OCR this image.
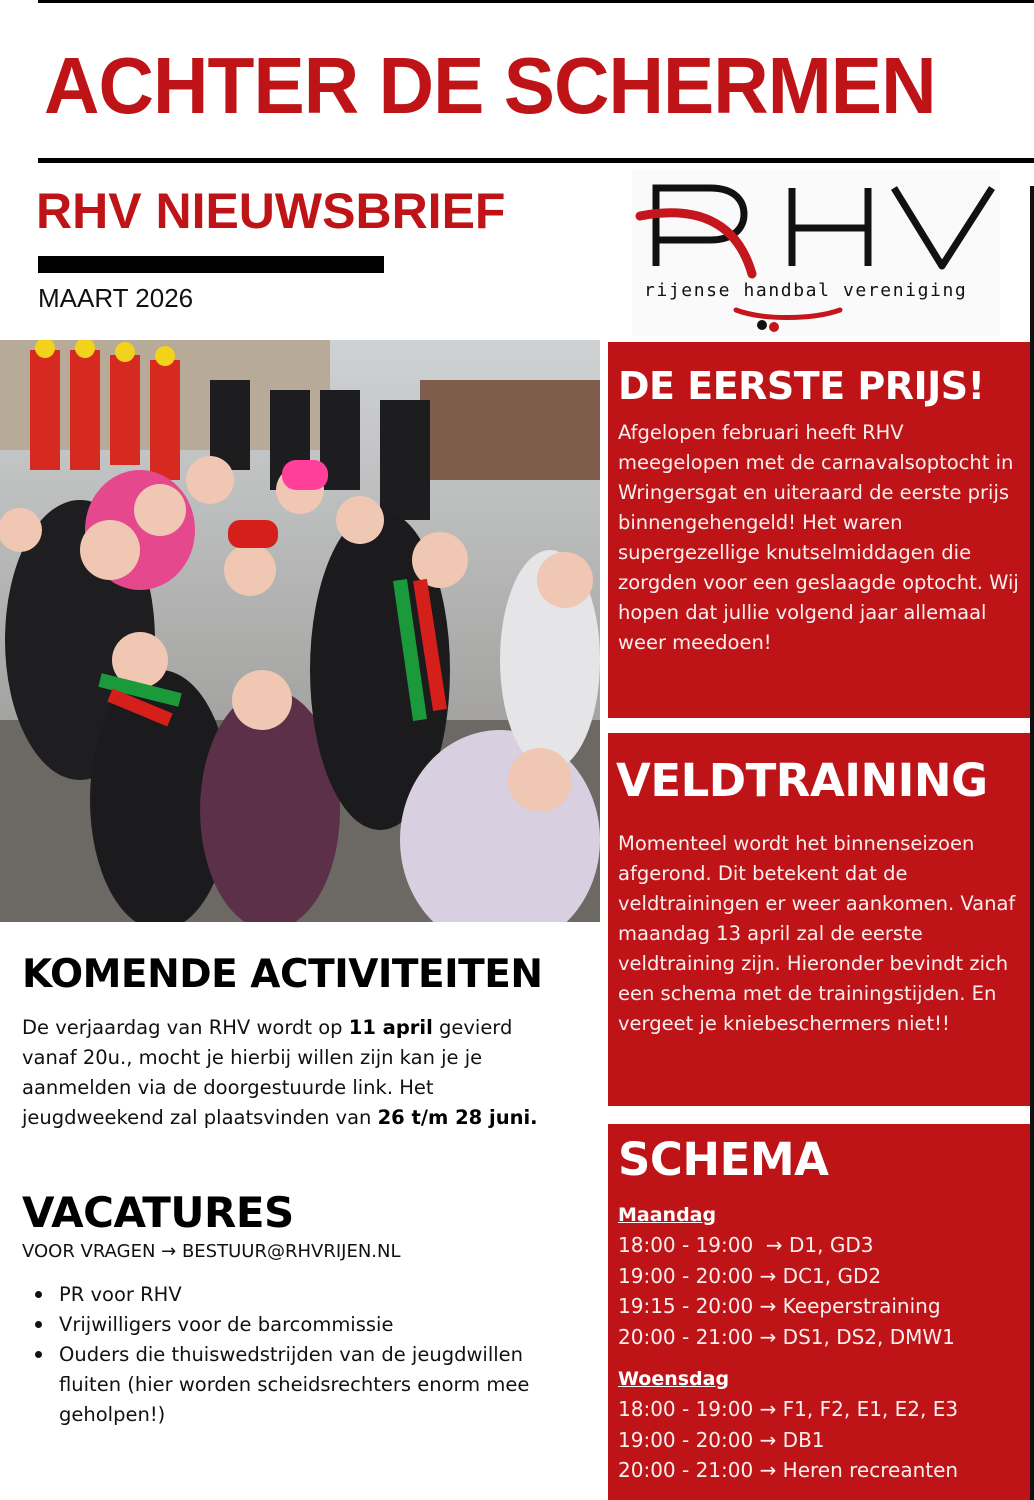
ACHTER DE SCHERMEN
RHV NIEUWSBRIEF
MAART 2026	rijense handbal vereniging
DE EERSTE PRIJS!

Afgelopen februari heeft RHV meegelopen met de carnavalsoptocht in Wringersgat en uiteraard de eerste prijs binnengehengeld! Het waren supergezellige knutselmiddagen die zorgden voor een geslaagde optocht. Wij hopen dat jullie volgend jaar allemaal weer meedoen!

VELDTRAINING

Momenteel wordt het binnenseizoen afgerond. Dit betekent dat de veldtrainingen er weer aankomen. Vanaf maandag 13 april zal de eerste veldtraining zijn. Hieronder bevindt zich een schema met de trainingstijden. En vergeet je kniebeschermers niet!!

SCHEMA
Maandag
18:00 - 19:00  → D1, GD3
19:00 - 20:00 → DC1, GD2
19:15 - 20:00 → Keeperstraining
20:00 - 21:00 → DS1, DS2, DMW1
Woensdag
18:00 - 19:00 → F1, F2, E1, E2, E3
19:00 - 20:00 → DB1
20:00 - 21:00 → Heren recreanten
KOMENDE ACTIVITEITEN

De verjaardag van RHV wordt op 11 april gevierd vanaf 20u., mocht je hierbij willen zijn kan je je aanmelden via de doorgestuurde link. Het jeugdweekend zal plaatsvinden van 26 t/m 28 juni.

VACATURES
VOOR VRAGEN → BESTUUR@RHVRIJEN.NL
PR voor RHV
Vrijwilligers voor de barcommissie
Ouders die thuiswedstrijden van de jeugdwillen fluiten (hier worden scheidsrechters enorm mee geholpen!)
